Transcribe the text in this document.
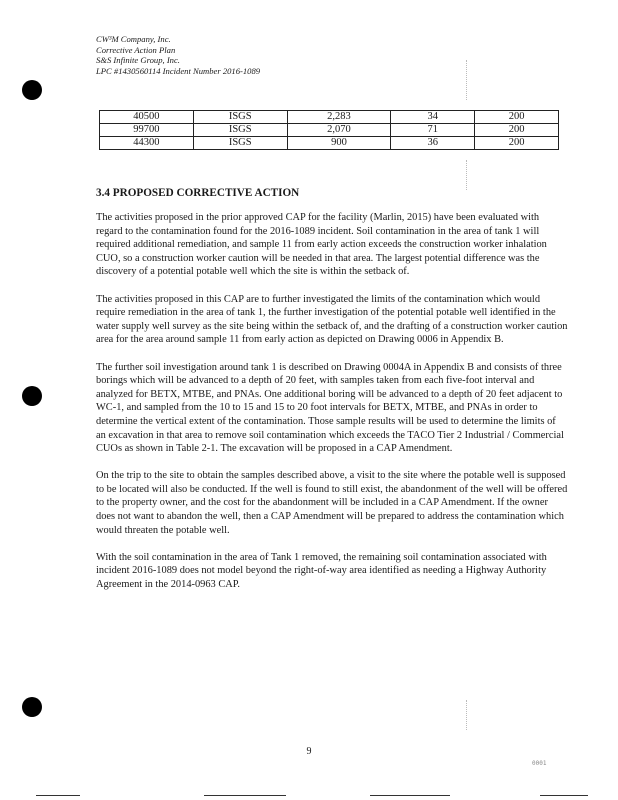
CW³M Company, Inc.
Corrective Action Plan
S&S Infinite Group, Inc.
LPC #1430560114 Incident Number 2016-1089
40500	ISGS	2,283	34	200
99700	ISGS	2,070	71	200
44300	ISGS	900	36	200
3.4 PROPOSED CORRECTIVE ACTION

The activities proposed in the prior approved CAP for the facility (Marlin, 2015) have been evaluated with regard to the contamination found for the 2016-1089 incident. Soil contamination in the area of tank 1 will required additional remediation, and sample 11 from early action exceeds the construction worker inhalation CUO, so a construction worker caution will be needed in that area. The largest potential difference was the discovery of a potential potable well which the site is within the setback of.

The activities proposed in this CAP are to further investigated the limits of the contamination which would require remediation in the area of tank 1, the further investigation of the potential potable well identified in the water supply well survey as the site being within the setback of, and the drafting of a construction worker caution area for the area around sample 11 from early action as depicted on Drawing 0006 in Appendix B.

The further soil investigation around tank 1 is described on Drawing 0004A in Appendix B and consists of three borings which will be advanced to a depth of 20 feet, with samples taken from each five-foot interval and analyzed for BETX, MTBE, and PNAs. One additional boring will be advanced to a depth of 20 feet adjacent to WC-1, and sampled from the 10 to 15 and 15 to 20 foot intervals for BETX, MTBE, and PNAs in order to determine the vertical extent of the contamination. Those sample results will be used to determine the limits of an excavation in that area to remove soil contamination which exceeds the TACO Tier 2 Industrial / Commercial CUOs as shown in Table 2-1. The excavation will be proposed in a CAP Amendment.

On the trip to the site to obtain the samples described above, a visit to the site where the potable well is supposed to be located will also be conducted. If the well is found to still exist, the abandonment of the well will be offered to the property owner, and the cost for the abandonment will be included in a CAP Amendment. If the owner does not want to abandon the well, then a CAP Amendment will be prepared to address the contamination which would threaten the potable well.

With the soil contamination in the area of Tank 1 removed, the remaining soil contamination associated with incident 2016-1089 does not model beyond the right-of-way area identified as needing a Highway Authority Agreement in the 2014-0963 CAP.

9
0001
